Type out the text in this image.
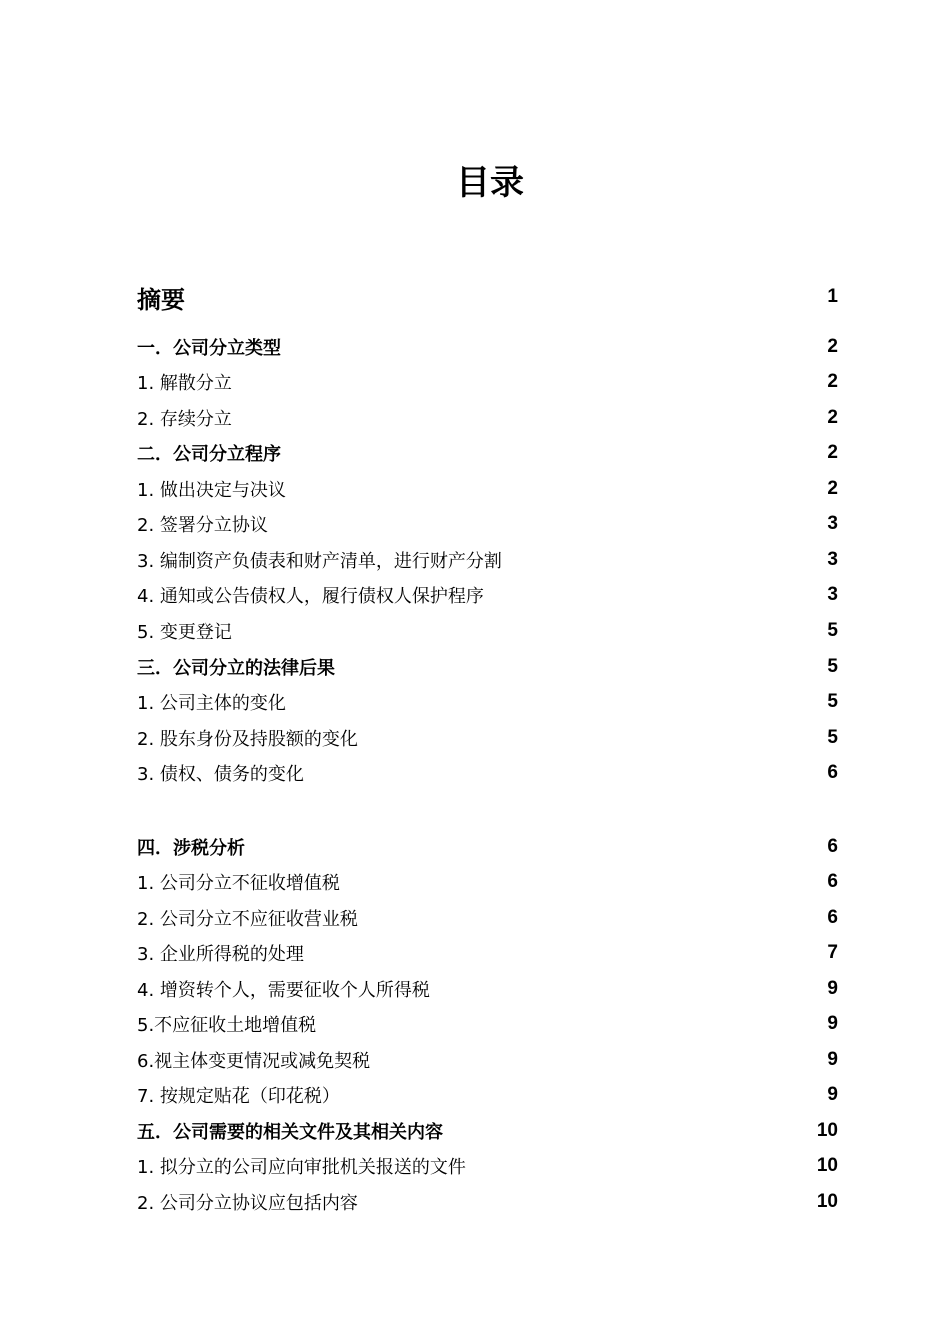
目录
摘要	1
一．公司分立类型	2
1. 解散分立	2
2. 存续分立	2
二．公司分立程序	2
1. 做出决定与决议	2
2. 签署分立协议	3
3. 编制资产负债表和财产清单，进行财产分割	3
4. 通知或公告债权人，履行债权人保护程序	3
5. 变更登记	5
三．公司分立的法律后果	5
1. 公司主体的变化	5
2. 股东身份及持股额的变化	5
3. 债权、债务的变化	6
四．涉税分析	6
1. 公司分立不征收增值税	6
2. 公司分立不应征收营业税	6
3. 企业所得税的处理	7
4. 增资转个人，需要征收个人所得税	9
5.不应征收土地增值税	9
6.视主体变更情况或减免契税	9
7. 按规定贴花（印花税）	9
五．公司需要的相关文件及其相关内容	10
1. 拟分立的公司应向审批机关报送的文件	10
2. 公司分立协议应包括内容	10
